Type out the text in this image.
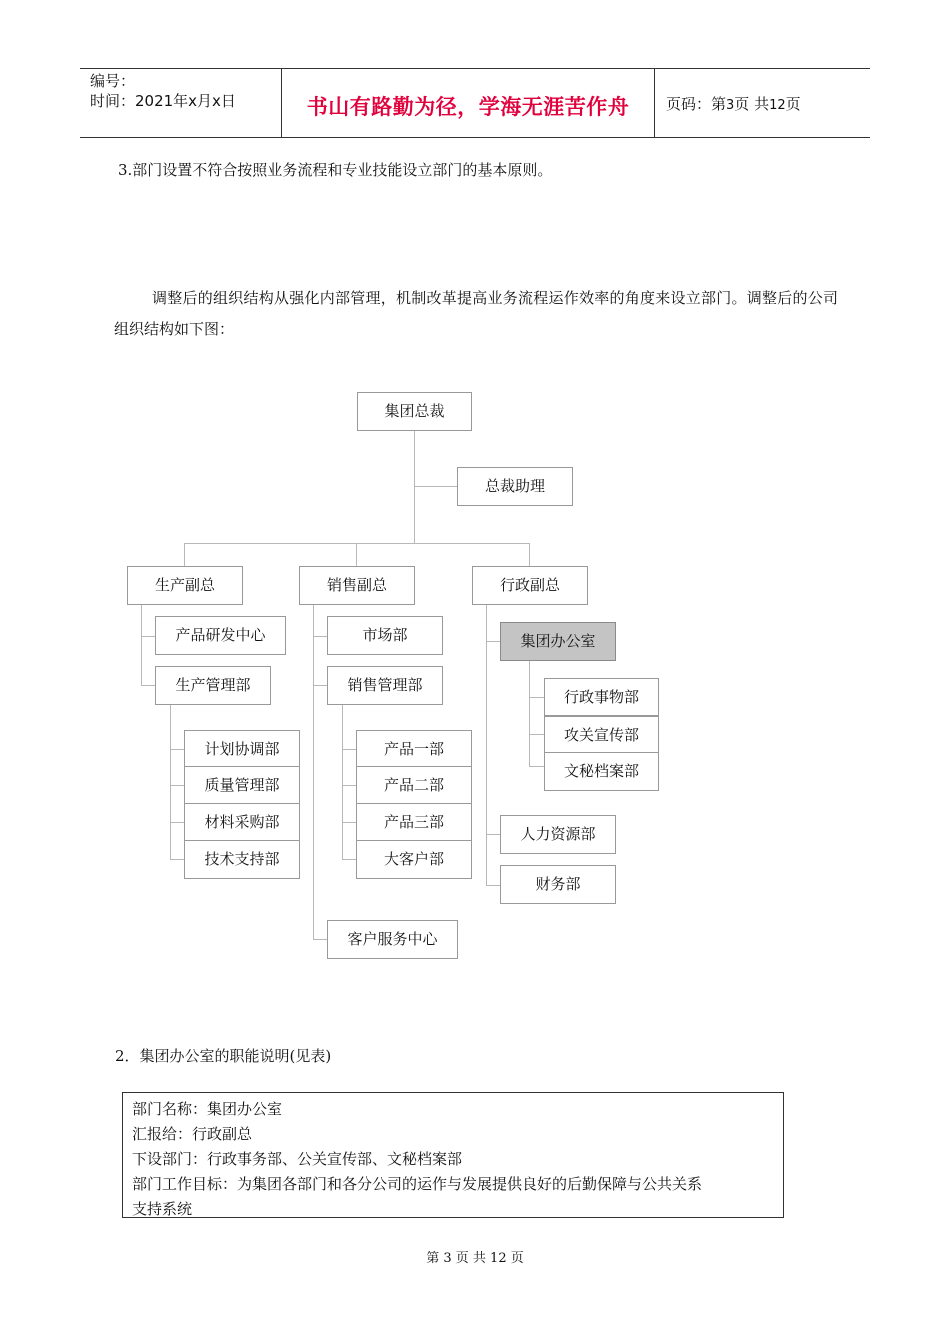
编号：
时间：2021年x月x日	书山有路勤为径，学海无涯苦作舟	页码：第3页 共12页
3.部门设置不符合按照业务流程和专业技能设立部门的基本原则。
调整后的组织结构从强化内部管理，机制改革提高业务流程运作效率的角度来设立部门。调整后的公司组织结构如下图：
集团总裁
总裁助理
生产副总	销售副总	行政副总
产品研发中心
生产管理部
计划协调部
质量管理部
材料采购部
技术支持部
市场部
销售管理部
产品一部
产品二部
产品三部
大客户部
客户服务中心
集团办公室
行政事物部
攻关宣传部
文秘档案部
人力资源部
财务部
2．集团办公室的职能说明(见表)
部门名称：集团办公室
汇报给：行政副总
下设部门：行政事务部、公关宣传部、文秘档案部
部门工作目标：为集团各部门和各分公司的运作与发展提供良好的后勤保障与公共关系
支持系统
第 3 页 共 12 页
